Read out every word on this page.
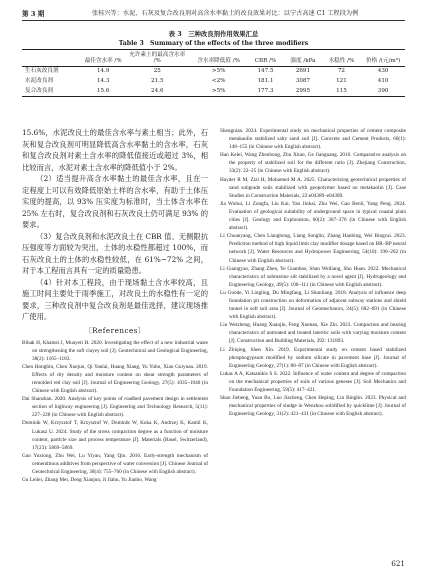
第 3 期	张桂兴等：水泥、石灰及复合改良剂对高含水率黏土的改良效果对比：以宁古高速 C1 工程段为例
表 3　三种改良剂作用效果汇总
Table 3　Summary of the effects of the three modifiers
	最佳含水率 /%	允许素土的最高含水率 /%	含水率降低值 /%	CBR /%	强度 /kPa	水稳性 /%	价格 /(元/m³)
生石灰改良剂	14.9	25	>5%	147.5	2691	72	430
水泥改良剂	14.3	21.5	<2%	181.1	3087	121	410
复合改良剂	15.6	24.6	>5%	177.3	2995	115	390

15.6%，水泥改良土的最佳含水率与素土相当；此外，石灰和复合改良剂可明显降低高含水率黏土的含水率，石灰和复合改良剂对素土含水率的降低值接近或超过 3%，相比较而言，水泥对素土含水率的降低值小于 2%。

（2）适当提升高含水率黏土的最佳含水率，且在一定程度上可以有效降低原始土样的含水率，有助于土体压实度的提高，以 93% 压实度为标准时，当土体含水率在 25% 左右时，复合改良剂和石灰改良土仍可满足 93% 的要求。

（3）复合改良剂和水泥改良土在 CBR 值、无侧限抗压强度等方面较为突出，土体的水稳性都超过 100%，而石灰改良土的土体的水稳性较低，在 61%~72% 之间，对于本工程而言具有一定的质量隐患。

（4）针对本工程段，由于现场黏土含水率较高，且施工时间主要处于雨季施工，对改良土的水稳性有一定的要求，三种改良剂中复合改良剂是最佳选择，建议现场推广使用。

〔References〕

Bihak H, Khamsi J, Muayeti H. 2020. Investigating the effect of a new industrial waste on strengthening the soft clayey soil [J]. Geotechnical and Geological Engineering, 38(2): 1165–1183.

Chen Hongbin, Chen Xuejun, Qi Yanlai, Huang Xiang, Yu Yubo, Xiao Guiyuan. 2019. Effects of dry density and moisture content on shear strength parameters of remolded red clay soil [J]. Journal of Engineering Geology, 27(5): 1035–1040 (in Chinese with English abstract).

Dai Shanshan. 2020. Analysis of key points of roadbed pavement design in settlement section of highway engineering [J]. Engineering and Technology Research, 5(11): 227–228 (in Chinese with English abstract).

Dominik W, Krzysztof T, Krzysztof W, Dominik W, Kuka K, Andrzej K, Kamil K, Lukasz U. 2024. Study of the stress compaction degree as a function of moisture content, particle size and process temperature [J]. Materials (Basel, Switzerland), 17(23): 5869–5869.

Gao Yuxiong, Zhu Wei, Lu Yiyan, Yang Qin. 2016. Early-strength mechanism of cementitious additives from perspective of water conversion [J]. Chinese Journal of Geotechnical Engineering, 38(4): 755–760 (in Chinese with English abstract).

Gu Leilei, Zhang Mei, Deng Xianjun, Ji Jiahu, Yu Jianbo, Wang

Shengnian. 2024. Experimental study on mechanical properties of cement composite metakaolin stabilized salty sand soil [J]. Concrete and Cement Products, 60(1): 148–155 (in Chinese with English abstract).

Han Kelei, Wang Zhenhong, Zhu Xitao, Ge Jianguang. 2016. Comparative analysis on the property of stabilized soil for the different ratio [J]. Zhejiang Construction, 33(2): 22–25 (in Chinese with English abstract).

Hayder R M, Zizi H, Mohamed M A. 2025. Characterizing geotechnical properties of sand subgrade soils stabilized with geopolymer based on metakaolin [J]. Case Studies in Construction Materials, 22:e04389–e04389.

Jia Wuhui, Li Zongfa, Liu Kai, Yan Jinkai, Zhu Wei, Gao Benli, Yang Peng. 2024. Evaluation of geological suitability of underground space in typical coastal plain cities [J]. Geology and Exploration, 60(2): 367–376 (in Chinese with English abstract).

Li Chuanyang, Chen Lianghong, Liang Songlin, Zhang Hanbing, Wei Bingcai. 2023. Prediction method of high liquid limit clay modifier dosage based on BR–BP neural network [J]. Water Resources and Hydropower Engineering, 54(10): 190–202 (in Chinese with English abstract).

Li Guangyao, Zhang Zhen, Ye Guanbao, Shan Weiliang, Shu Huan. 2022. Mechanical characteristics of submarine silt stabilized by a novel agent [J]. Hydrogeology and Engineering Geology, 49(5): 106–111 (in Chinese with English abstract).

Lu Guode, Yi Lingling, Du Mingfang, Li Shunliang. 2018. Analysis of influence deep foundation pit construction on deformation of adjacent subway stations and shield tunnel in soft soil area [J]. Journal of Geomechanics, 24(5): 682–691 (in Chinese with English abstract).

Liu Weizheng, Huang Xuanjin, Feng Xuenan, Xie Zhi. 2023. Compaction and bearing characteristics of untreated and treated lateritic soils with varying moisture content [J]. Construction and Building Materials, 392: 131893.

Li Zhiqing, Shen Xin. 2019. Experimental study on cement based stabilized phosphogypsum modified by sodium silicate in pavement base [J]. Journal of Engineering Geology, 27(1): 80–87 (in Chinese with English abstract).

Lukas A A, Katsanikis S S. 2022. Influence of water content and degree of compaction on the mechanical properties of soils of various geneses [J]. Soil Mechanics and Foundation Engineering, 59(5): 417–421.

Shao Jiebeng, Yuan Bo, Luo Jiacheng, Chen Heping, Lin Binglin. 2023. Physical and mechanical properties of sludge in Wenzhou solidified by quicklime [J]. Journal of Engineering Geology, 31(2): 421–431 (in Chinese with English abstract).

621
